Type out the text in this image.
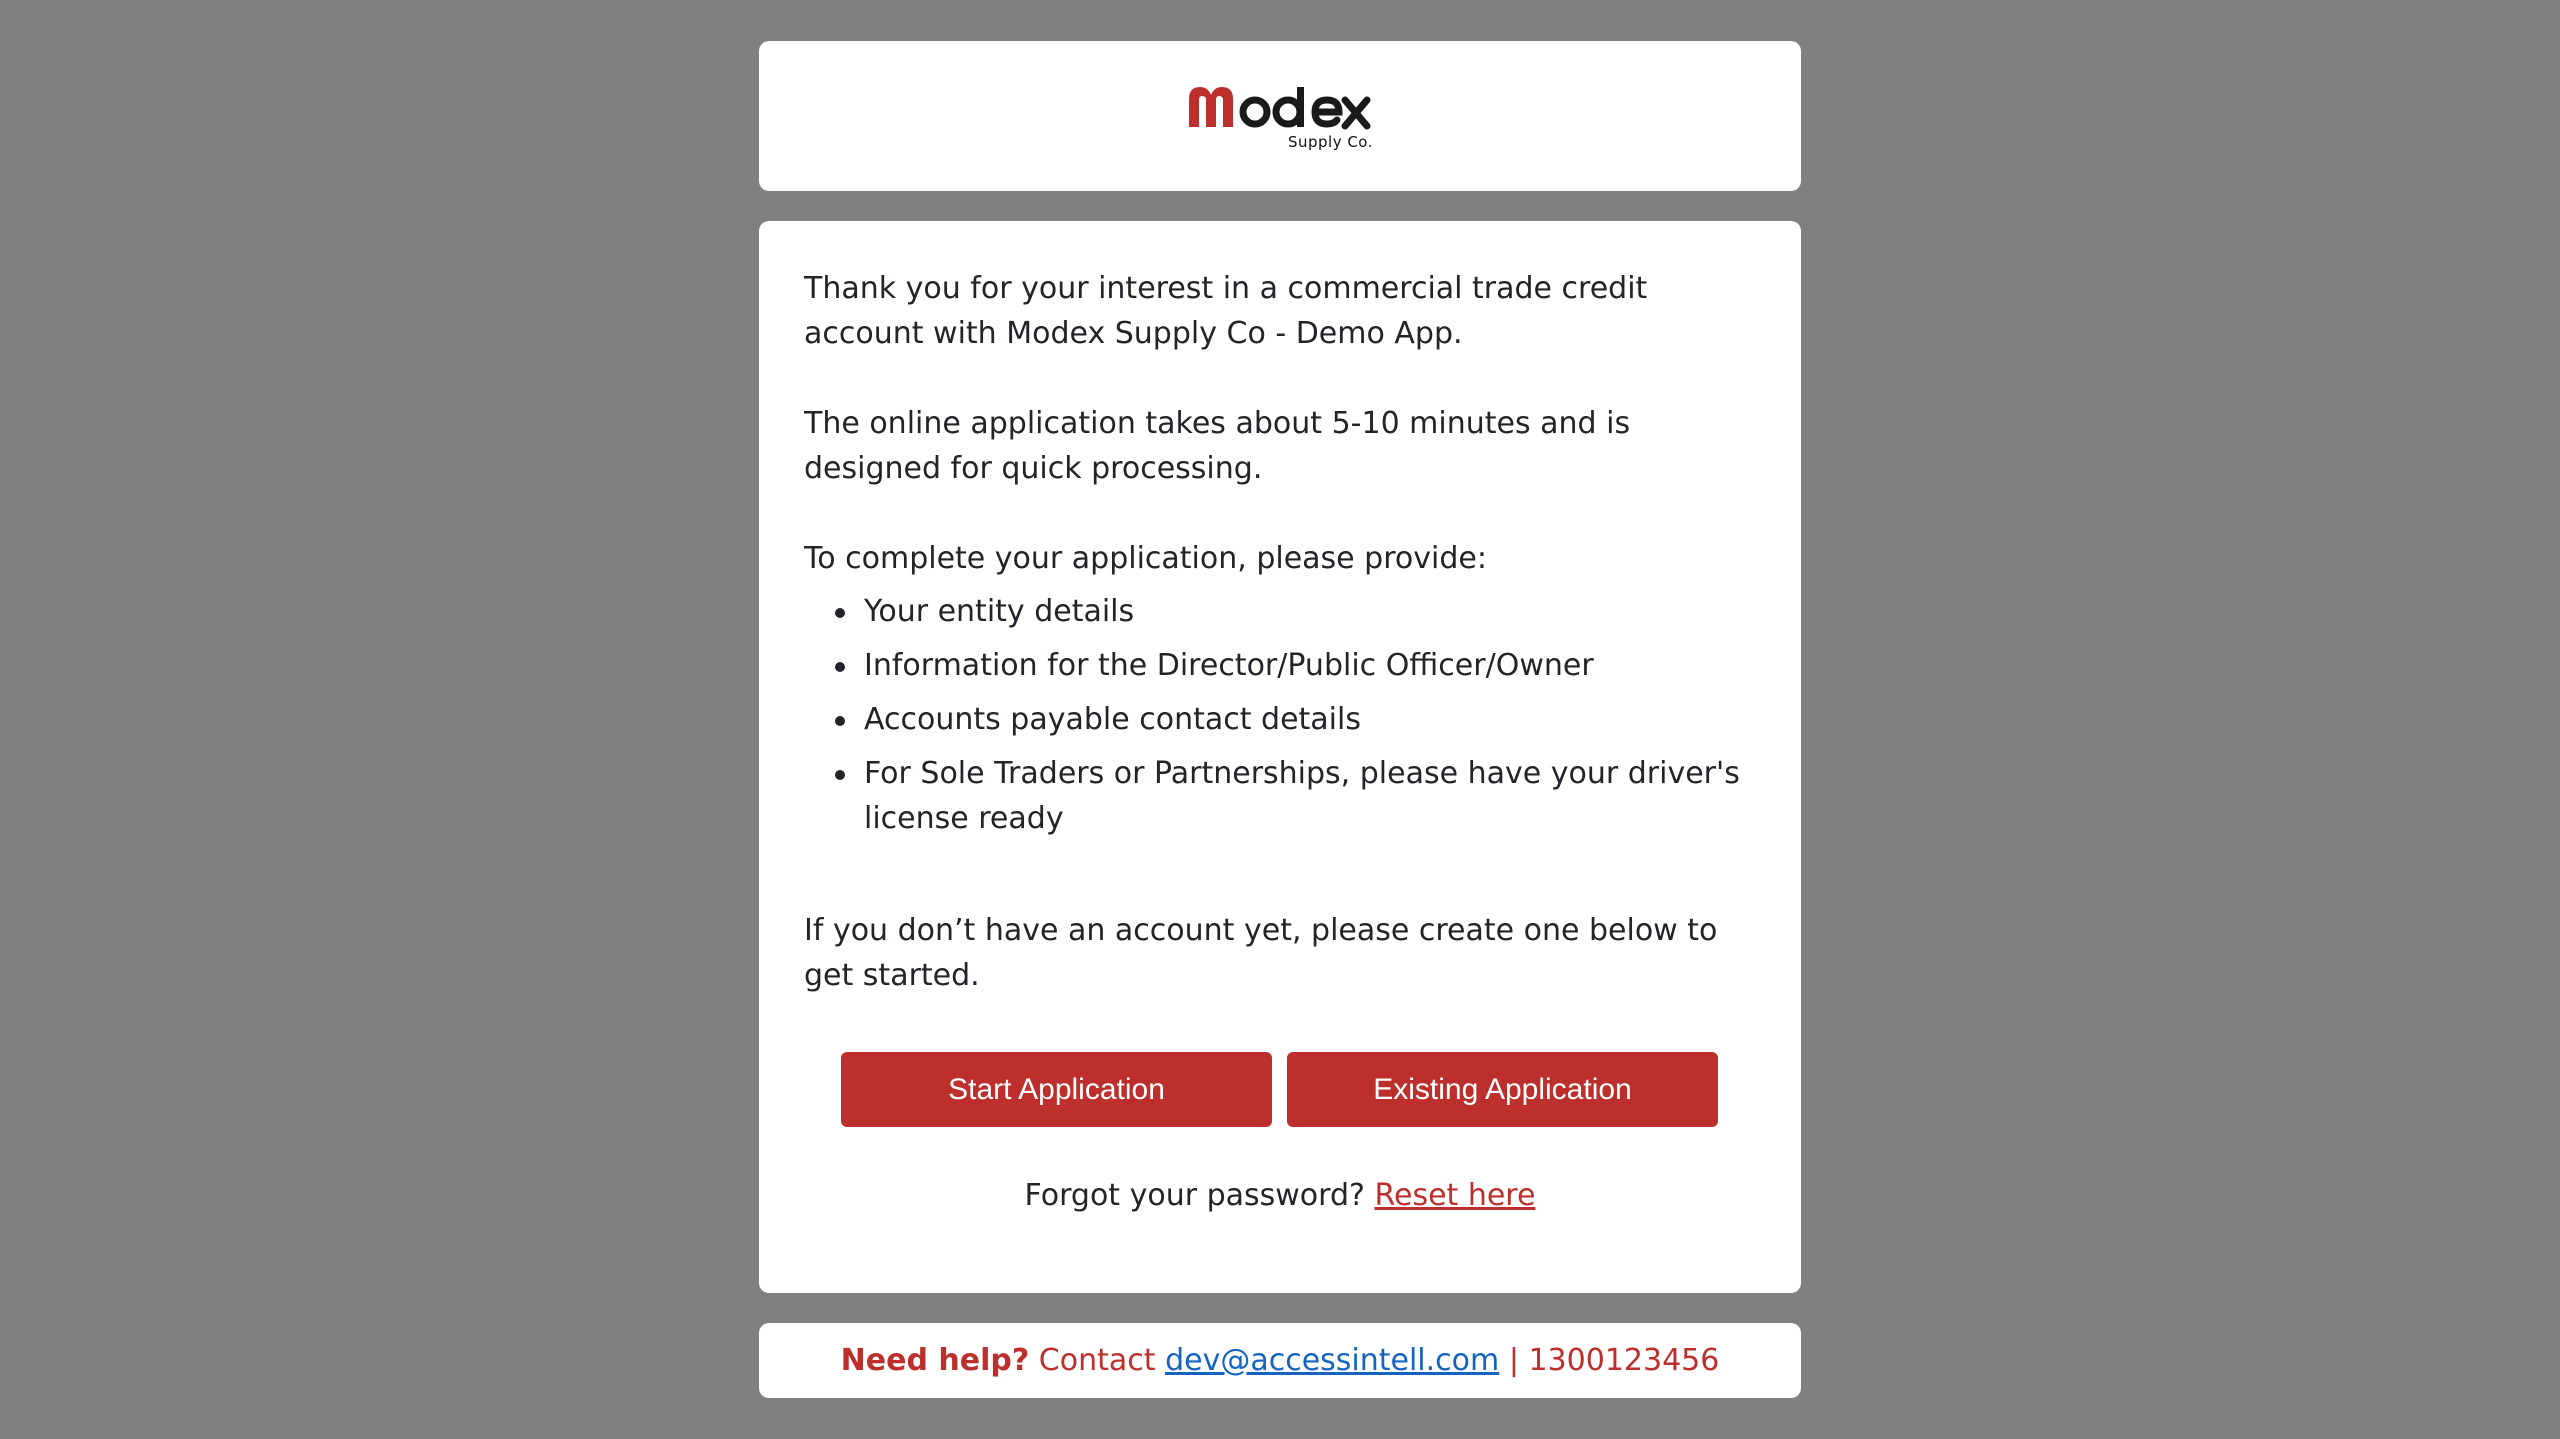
Supply Co.

Thank you for your interest in a commercial trade credit account with Modex Supply Co - Demo App.

The online application takes about 5-10 minutes and is designed for quick processing.

To complete your application, please provide:

Your entity details
Information for the Director/Public Officer/Owner
Accounts payable contact details
For Sole Traders or Partnerships, please have your driver's license ready

If you don’t have an account yet, please create one below to get started.

Start Application	Existing Application
Forgot your password? Reset here
Need help?
Contact
dev@accessintell.com
|
1300123456
